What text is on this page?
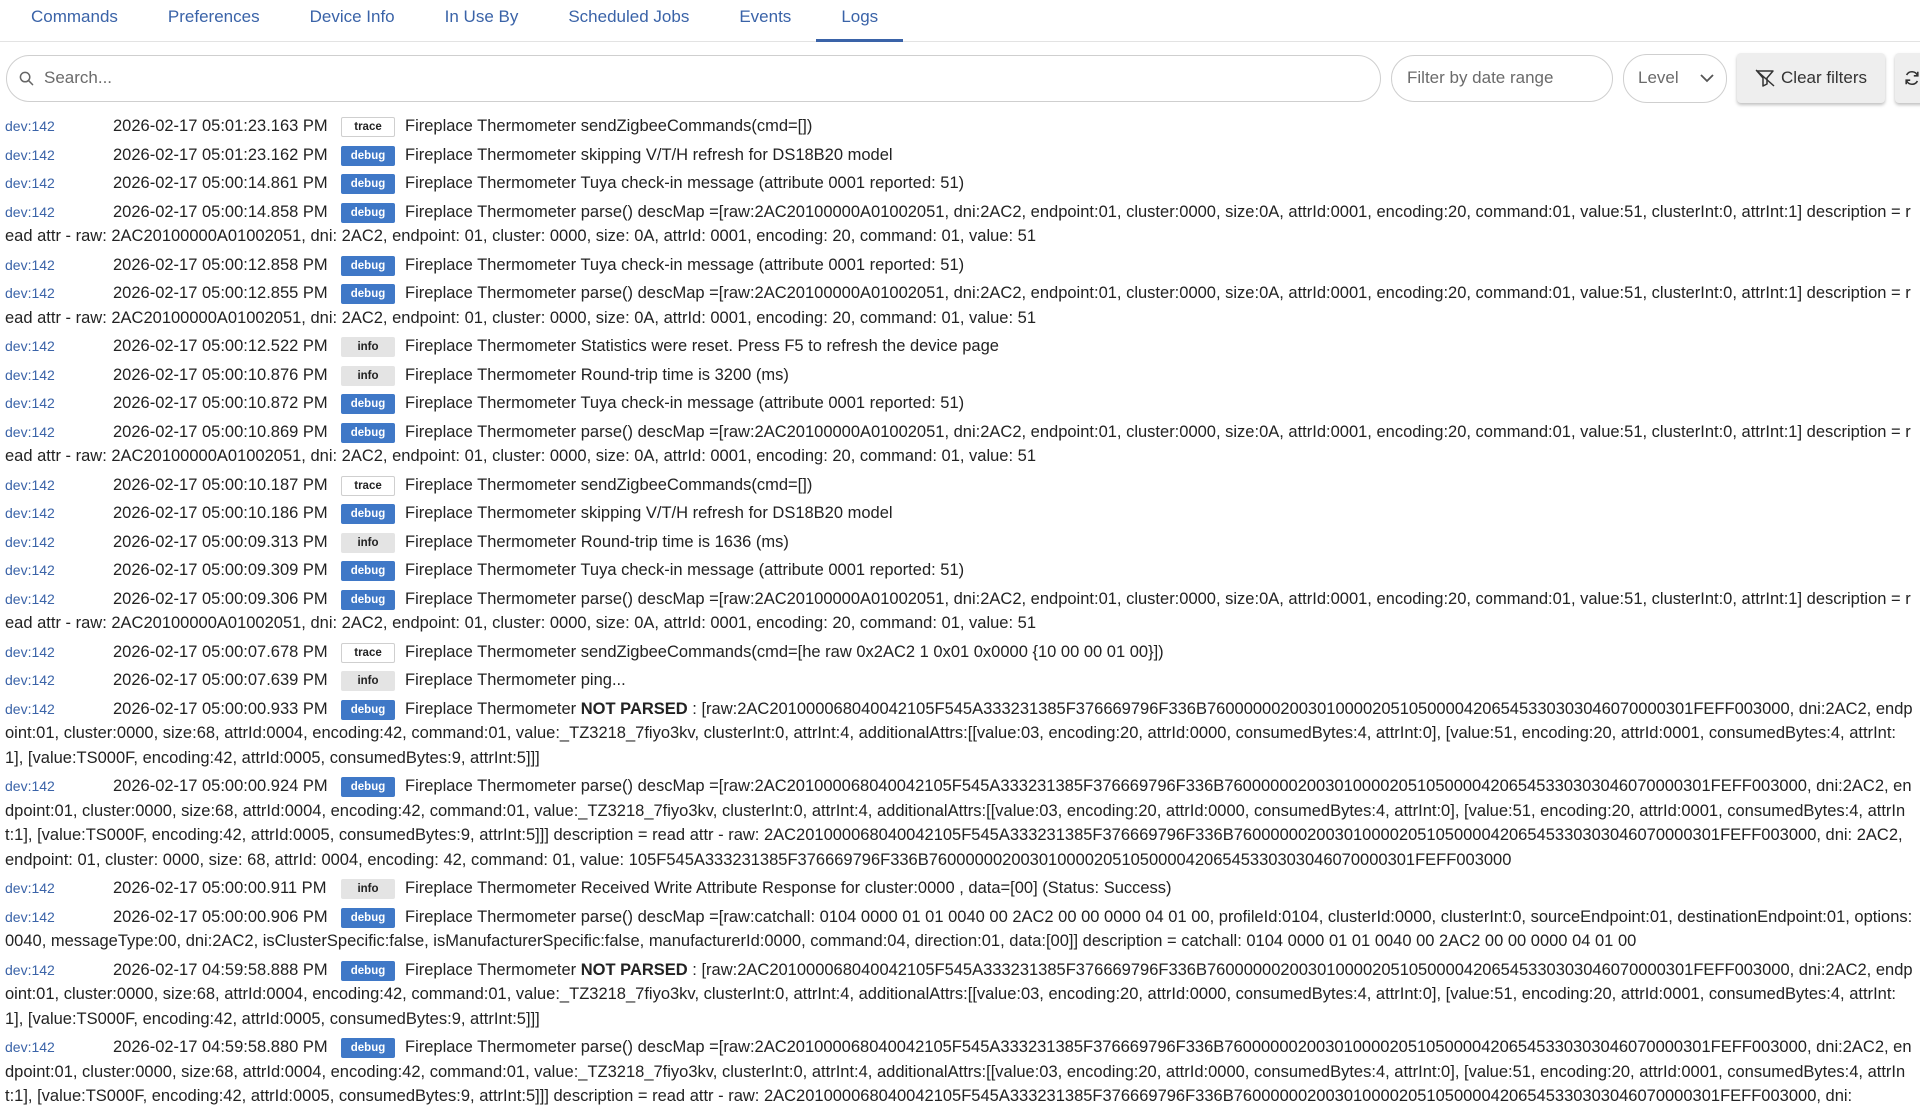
Commands	Preferences	Device Info	In Use By	Scheduled Jobs	Events	Logs
Search...
Filter by date range
Level	Clear filters
dev:142	2026-02-17 05:01:23.163 PM trace Fireplace Thermometer sendZigbeeCommands(cmd=[])
dev:142	2026-02-17 05:01:23.162 PM debug Fireplace Thermometer skipping V/T/H refresh for DS18B20 model
dev:142	2026-02-17 05:00:14.861 PM debug Fireplace Thermometer Tuya check-in message (attribute 0001 reported: 51)
dev:142	2026-02-17 05:00:14.858 PM debug Fireplace Thermometer parse() descMap =[raw:2AC20100000A01002051, dni:2AC2, endpoint:01, cluster:0000, size:0A, attrId:0001, encoding:20, command:01, value:51, clusterInt:0, attrInt:1] description = read attr - raw: 2AC20100000A01002051, dni: 2AC2, endpoint: 01, cluster: 0000, size: 0A, attrId: 0001, encoding: 20, command: 01, value: 51
dev:142	2026-02-17 05:00:12.858 PM debug Fireplace Thermometer Tuya check-in message (attribute 0001 reported: 51)
dev:142	2026-02-17 05:00:12.855 PM debug Fireplace Thermometer parse() descMap =[raw:2AC20100000A01002051, dni:2AC2, endpoint:01, cluster:0000, size:0A, attrId:0001, encoding:20, command:01, value:51, clusterInt:0, attrInt:1] description = read attr - raw: 2AC20100000A01002051, dni: 2AC2, endpoint: 01, cluster: 0000, size: 0A, attrId: 0001, encoding: 20, command: 01, value: 51
dev:142	2026-02-17 05:00:12.522 PM	info Fireplace Thermometer Statistics were reset. Press F5 to refresh the device page
dev:142	2026-02-17 05:00:10.876 PM	info Fireplace Thermometer Round-trip time is 3200 (ms)
dev:142	2026-02-17 05:00:10.872 PM debug Fireplace Thermometer Tuya check-in message (attribute 0001 reported: 51)
dev:142	2026-02-17 05:00:10.869 PM debug Fireplace Thermometer parse() descMap =[raw:2AC20100000A01002051, dni:2AC2, endpoint:01, cluster:0000, size:0A, attrId:0001, encoding:20, command:01, value:51, clusterInt:0, attrInt:1] description = read attr - raw: 2AC20100000A01002051, dni: 2AC2, endpoint: 01, cluster: 0000, size: 0A, attrId: 0001, encoding: 20, command: 01, value: 51
dev:142	2026-02-17 05:00:10.187 PM trace Fireplace Thermometer sendZigbeeCommands(cmd=[])
dev:142	2026-02-17 05:00:10.186 PM debug Fireplace Thermometer skipping V/T/H refresh for DS18B20 model
dev:142	2026-02-17 05:00:09.313 PM	info Fireplace Thermometer Round-trip time is 1636 (ms)
dev:142	2026-02-17 05:00:09.309 PM debug Fireplace Thermometer Tuya check-in message (attribute 0001 reported: 51)
dev:142	2026-02-17 05:00:09.306 PM debug Fireplace Thermometer parse() descMap =[raw:2AC20100000A01002051, dni:2AC2, endpoint:01, cluster:0000, size:0A, attrId:0001, encoding:20, command:01, value:51, clusterInt:0, attrInt:1] description = read attr - raw: 2AC20100000A01002051, dni: 2AC2, endpoint: 01, cluster: 0000, size: 0A, attrId: 0001, encoding: 20, command: 01, value: 51
dev:142	2026-02-17 05:00:07.678 PM trace Fireplace Thermometer sendZigbeeCommands(cmd=[he raw 0x2AC2 1 0x01 0x0000 {10 00 00 01 00}])
dev:142	2026-02-17 05:00:07.639 PM	info Fireplace Thermometer ping...
dev:142	2026-02-17 05:00:00.933 PM debug Fireplace Thermometer NOT PARSED : [raw:2AC201000068040042105F545A333231385F376669796F336B76000000200301000020510500004206545330303046070000301FEFF003000, dni:2AC2, endpoint:01, cluster:0000, size:68, attrId:0004, encoding:42, command:01, value:_TZ3218_7fiyo3kv, clusterInt:0, attrInt:4, additionalAttrs:[[value:03, encoding:20, attrId:0000, consumedBytes:4, attrInt:0], [value:51, encoding:20, attrId:0001, consumedBytes:4, attrInt:1], [value:TS000F, encoding:42, attrId:0005, consumedBytes:9, attrInt:5]]]
dev:142	2026-02-17 05:00:00.924 PM debug Fireplace Thermometer parse() descMap =[raw:2AC201000068040042105F545A333231385F376669796F336B76000000200301000020510500004206545330303046070000301FEFF003000, dni:2AC2, endpoint:01, cluster:0000, size:68, attrId:0004, encoding:42, command:01, value:_TZ3218_7fiyo3kv, clusterInt:0, attrInt:4, additionalAttrs:[[value:03, encoding:20, attrId:0000, consumedBytes:4, attrInt:0], [value:51, encoding:20, attrId:0001, consumedBytes:4, attrInt:1], [value:TS000F, encoding:42, attrId:0005, consumedBytes:9, attrInt:5]]] description = read attr - raw: 2AC201000068040042105F545A333231385F376669796F336B76000000200301000020510500004206545330303046070000301FEFF003000, dni: 2AC2, endpoint: 01, cluster: 0000, size: 68, attrId: 0004, encoding: 42, command: 01, value: 105F545A333231385F376669796F336B76000000200301000020510500004206545330303046070000301FEFF003000
dev:142	2026-02-17 05:00:00.911 PM	info Fireplace Thermometer Received Write Attribute Response for cluster:0000 , data=[00] (Status: Success)
dev:142	2026-02-17 05:00:00.906 PM debug Fireplace Thermometer parse() descMap =[raw:catchall: 0104 0000 01 01 0040 00 2AC2 00 00 0000 04 01 00, profileId:0104, clusterId:0000, clusterInt:0, sourceEndpoint:01, destinationEndpoint:01, options:0040, messageType:00, dni:2AC2, isClusterSpecific:false, isManufacturerSpecific:false, manufacturerId:0000, command:04, direction:01, data:[00]] description = catchall: 0104 0000 01 01 0040 00 2AC2 00 00 0000 04 01 00
dev:142	2026-02-17 04:59:58.888 PM debug Fireplace Thermometer NOT PARSED : [raw:2AC201000068040042105F545A333231385F376669796F336B76000000200301000020510500004206545330303046070000301FEFF003000, dni:2AC2, endpoint:01, cluster:0000, size:68, attrId:0004, encoding:42, command:01, value:_TZ3218_7fiyo3kv, clusterInt:0, attrInt:4, additionalAttrs:[[value:03, encoding:20, attrId:0000, consumedBytes:4, attrInt:0], [value:51, encoding:20, attrId:0001, consumedBytes:4, attrInt:1], [value:TS000F, encoding:42, attrId:0005, consumedBytes:9, attrInt:5]]]
dev:142	2026-02-17 04:59:58.880 PM debug Fireplace Thermometer parse() descMap =[raw:2AC201000068040042105F545A333231385F376669796F336B76000000200301000020510500004206545330303046070000301FEFF003000, dni:2AC2, endpoint:01, cluster:0000, size:68, attrId:0004, encoding:42, command:01, value:_TZ3218_7fiyo3kv, clusterInt:0, attrInt:4, additionalAttrs:[[value:03, encoding:20, attrId:0000, consumedBytes:4, attrInt:0], [value:51, encoding:20, attrId:0001, consumedBytes:4, attrInt:1], [value:TS000F, encoding:42, attrId:0005, consumedBytes:9, attrInt:5]]] description = read attr - raw: 2AC201000068040042105F545A333231385F376669796F336B76000000200301000020510500004206545330303046070000301FEFF003000, dni:
